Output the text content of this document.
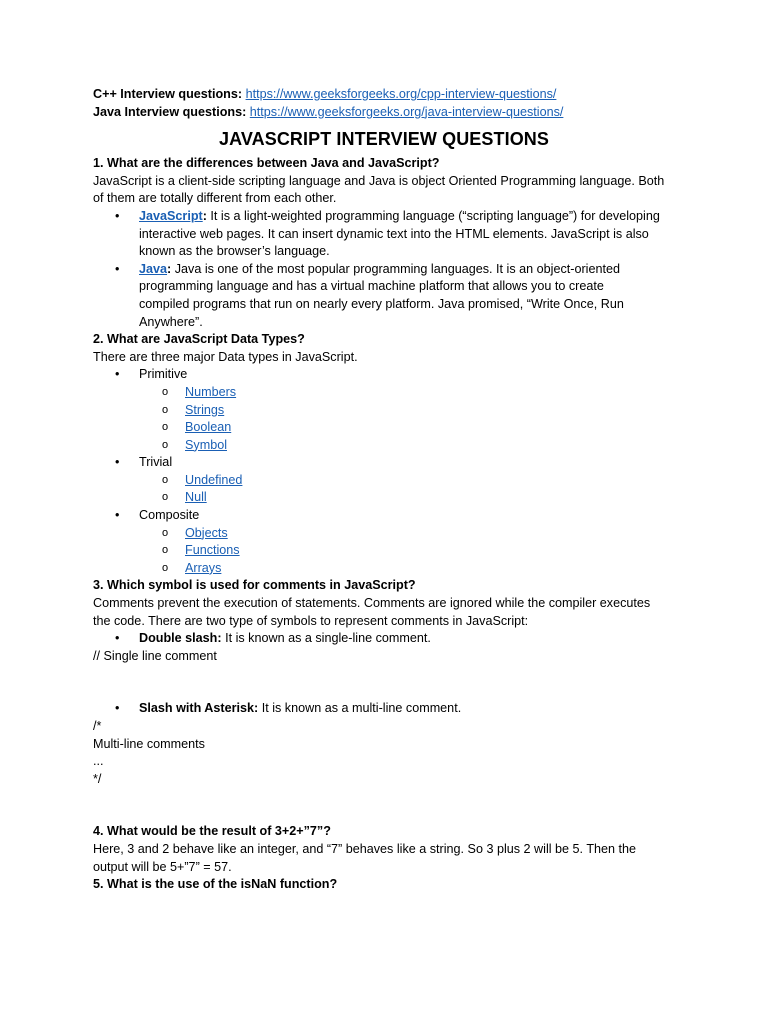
C++ Interview questions: https://www.geeksforgeeks.org/cpp-interview-questions/

Java Interview questions: https://www.geeksforgeeks.org/java-interview-questions/

JAVASCRIPT INTERVIEW QUESTIONS

1. What are the differences between Java and JavaScript?

JavaScript is a client-side scripting language and Java is object Oriented Programming language. Both

of them are totally different from each other.

• JavaScript: It is a light-weighted programming language (“scripting language”) for developing

interactive web pages. It can insert dynamic text into the HTML elements. JavaScript is also

known as the browser’s language.

• Java: Java is one of the most popular programming languages. It is an object-oriented

programming language and has a virtual machine platform that allows you to create

compiled programs that run on nearly every platform. Java promised, “Write Once, Run

Anywhere”.

2. What are JavaScript Data Types?

There are three major Data types in JavaScript.

• Primitive

o Numbers
o Strings
o Boolean
o Symbol
• Trivial

o Undefined
o Null
• Composite

o Objects
o Functions
o Arrays

3. Which symbol is used for comments in JavaScript?

Comments prevent the execution of statements. Comments are ignored while the compiler executes

the code. There are two type of symbols to represent comments in JavaScript:

• Double slash: It is known as a single-line comment.

// Single line comment

• Slash with Asterisk: It is known as a multi-line comment.

/*

Multi-line comments

...

*/

4. What would be the result of 3+2+”7”?

Here, 3 and 2 behave like an integer, and “7” behaves like a string. So 3 plus 2 will be 5. Then the

output will be 5+”7” = 57.

5. What is the use of the isNaN function?
